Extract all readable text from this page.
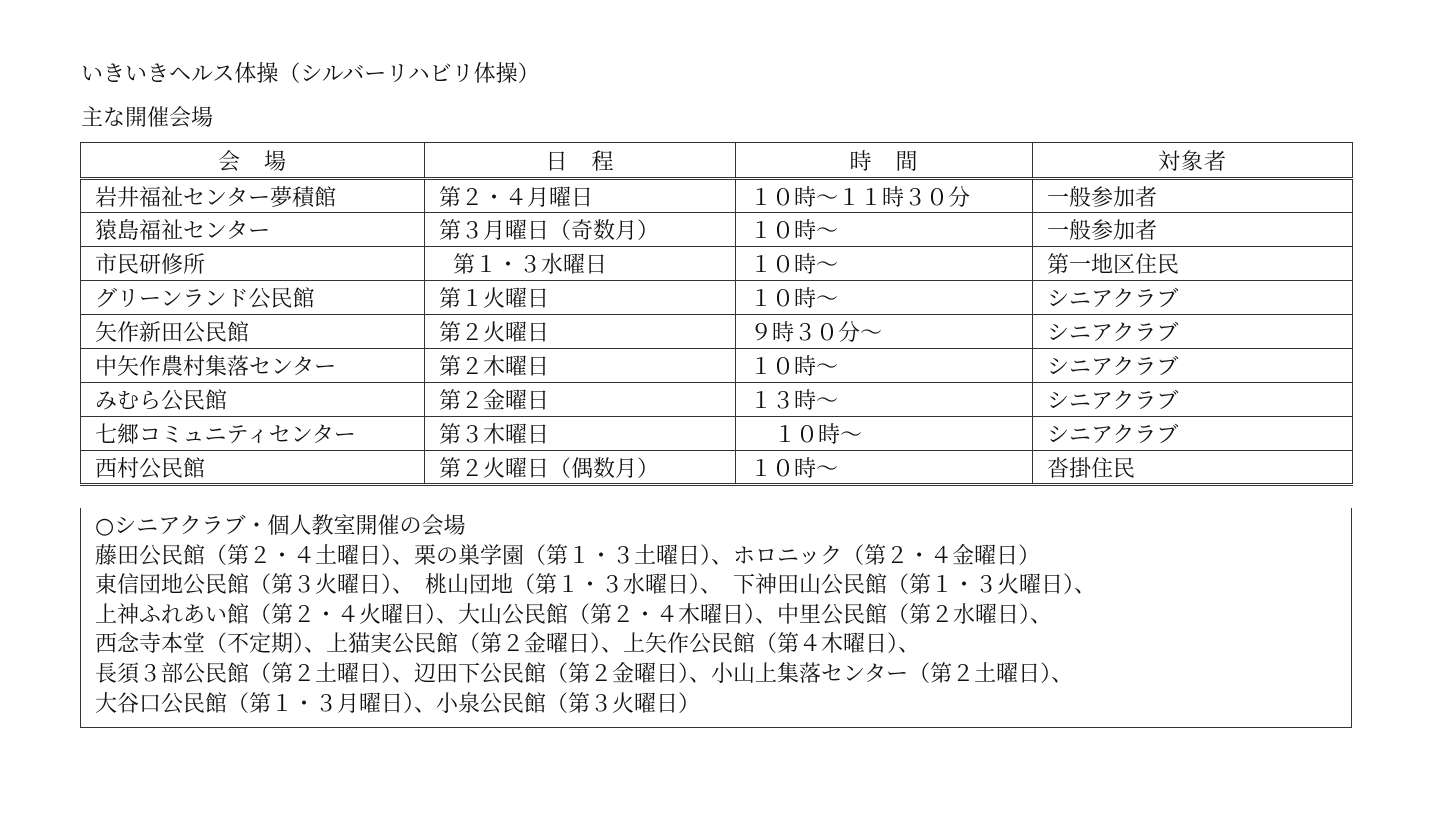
いきいきヘルス体操（シルバーリハビリ体操）
主な開催会場
会　場	日　程	時　間	対象者
岩井福祉センター夢積館	第２・４月曜日	１０時～１１時３０分	一般参加者
猿島福祉センター	第３月曜日（奇数月）	１０時～	一般参加者
市民研修所	第１・３水曜日	１０時～	第一地区住民
グリーンランド公民館	第１火曜日	１０時～	シニアクラブ
矢作新田公民館	第２火曜日	９時３０分～	シニアクラブ
中矢作農村集落センター	第２木曜日	１０時～	シニアクラブ
みむら公民館	第２金曜日	１３時～	シニアクラブ
七郷コミュニティセンター	第３木曜日	１０時～	シニアクラブ
西村公民館	第２火曜日（偶数月）	１０時～	沓掛住民
○シニアクラブ・個人教室開催の会場
藤田公民館（第２・４土曜日）、栗の巣学園（第１・３土曜日）、ホロニック（第２・４金曜日）
東信団地公民館（第３火曜日）、　桃山団地（第１・３水曜日）、　下神田山公民館（第１・３火曜日）、
上神ふれあい館（第２・４火曜日）、大山公民館（第２・４木曜日）、中里公民館（第２水曜日）、
西念寺本堂（不定期）、上猫実公民館（第２金曜日）、上矢作公民館（第４木曜日）、
長須３部公民館（第２土曜日）、辺田下公民館（第２金曜日）、小山上集落センター（第２土曜日）、
大谷口公民館（第１・３月曜日）、小泉公民館（第３火曜日）
